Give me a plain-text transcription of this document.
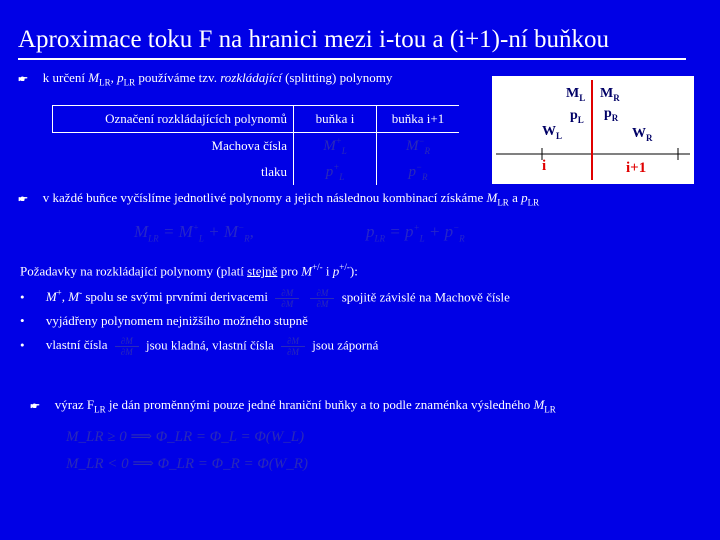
Aproximace toku F na hranici mezi i-tou a (i+1)-ní buňkou
🖝 k určení $M_{LR}$, $p_{LR}$ používáme tzv. rozkládající (splitting) polynomy
Označení rozkládajících polynomů	buňka i	buňka i+1
Machova čísla	$M^+_L$	$M^-_R$
tlaku	$p^+_L$	$p^-_R$
$M_L$ $M_R$
$p_L$ $p_R$
$W_L$	$W_R$
i	i+1
🖝 v každé buňce vyčíslíme jednotlivé polynomy a jejich následnou kombinací získáme $M_{LR}$ a $p_{LR}$
$M_{LR} = M^+_L + M^-_R$,	$p_{LR} = p^+_L + p^-_R$
Požadavky na rozkládající polynomy (platí stejně pro M+/- i p+/-):
• M+, M- spolu se svými prvními derivacemi $\frac{\partial M}{\partial M}$
$\frac{\partial M}{\partial M}$ spojitě závislé na Machově čísle
• vyjádřeny polynomem nejnižšího možného stupně
• vlastní čísla $\frac{\partial M}{\partial M}$ jsou kladná, vlastní čísla $\frac{\partial M}{\partial M}$ jsou záporná
🖝 výraz $F_{LR}$ je dán proměnnými pouze jedné hraniční buňky a to podle znaménka výsledného $M_{LR}$
M_LR ≥ 0 ⟹ Φ_LR = Φ_L = Φ(W_L)
M_LR < 0 ⟹ Φ_LR = Φ_R = Φ(W_R)
